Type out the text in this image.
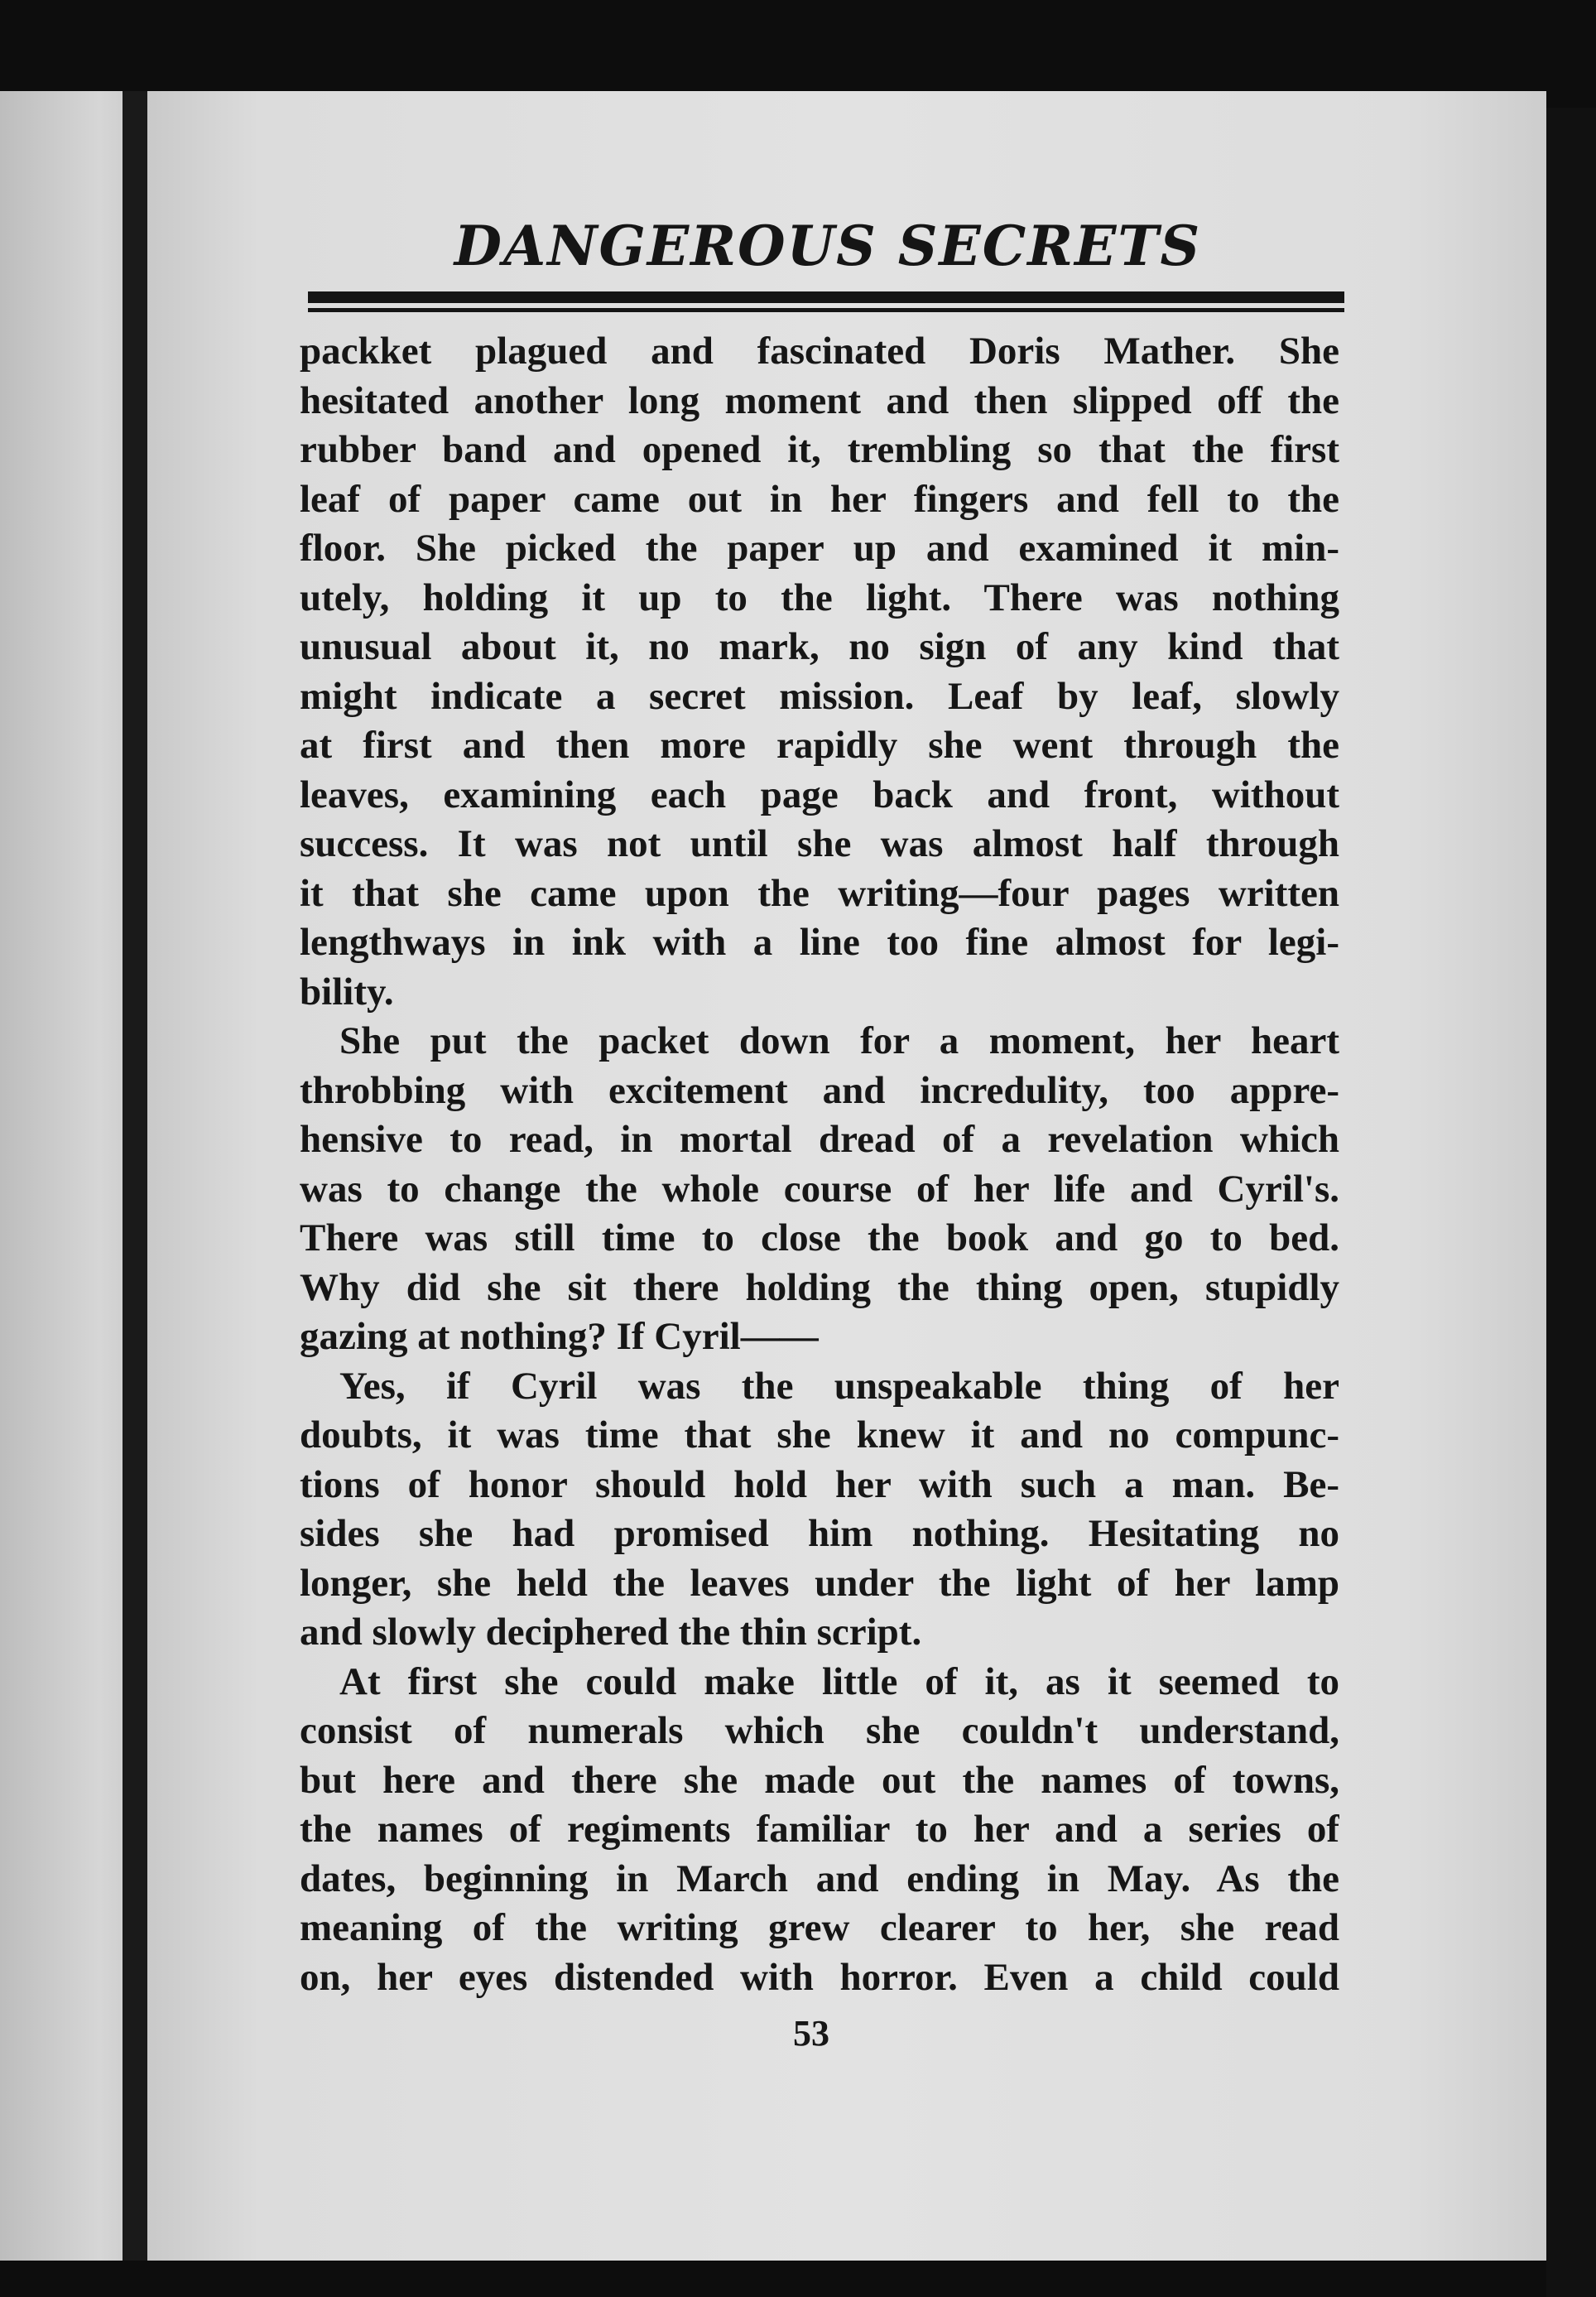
DANGEROUS SECRETS
packket plagued and fascinated Doris Mather. She
hesitated another long moment and then slipped off the
rubber band and opened it, trembling so that the first
leaf of paper came out in her fingers and fell to the
floor. She picked the paper up and examined it min-
utely, holding it up to the light. There was nothing
unusual about it, no mark, no sign of any kind that
might indicate a secret mission. Leaf by leaf, slowly
at first and then more rapidly she went through the
leaves, examining each page back and front, without
success. It was not until she was almost half through
it that she came upon the writing—four pages written
lengthways in ink with a line too fine almost for legi-
bility.
She put the packet down for a moment, her heart
throbbing with excitement and incredulity, too appre-
hensive to read, in mortal dread of a revelation which
was to change the whole course of her life and Cyril's.
There was still time to close the book and go to bed.
Why did she sit there holding the thing open, stupidly
gazing at nothing? If Cyril——
Yes, if Cyril was the unspeakable thing of her
doubts, it was time that she knew it and no compunc-
tions of honor should hold her with such a man. Be-
sides she had promised him nothing. Hesitating no
longer, she held the leaves under the light of her lamp
and slowly deciphered the thin script.
At first she could make little of it, as it seemed to
consist of numerals which she couldn't understand,
but here and there she made out the names of towns,
the names of regiments familiar to her and a series of
dates, beginning in March and ending in May. As the
meaning of the writing grew clearer to her, she read
on, her eyes distended with horror. Even a child could
53
